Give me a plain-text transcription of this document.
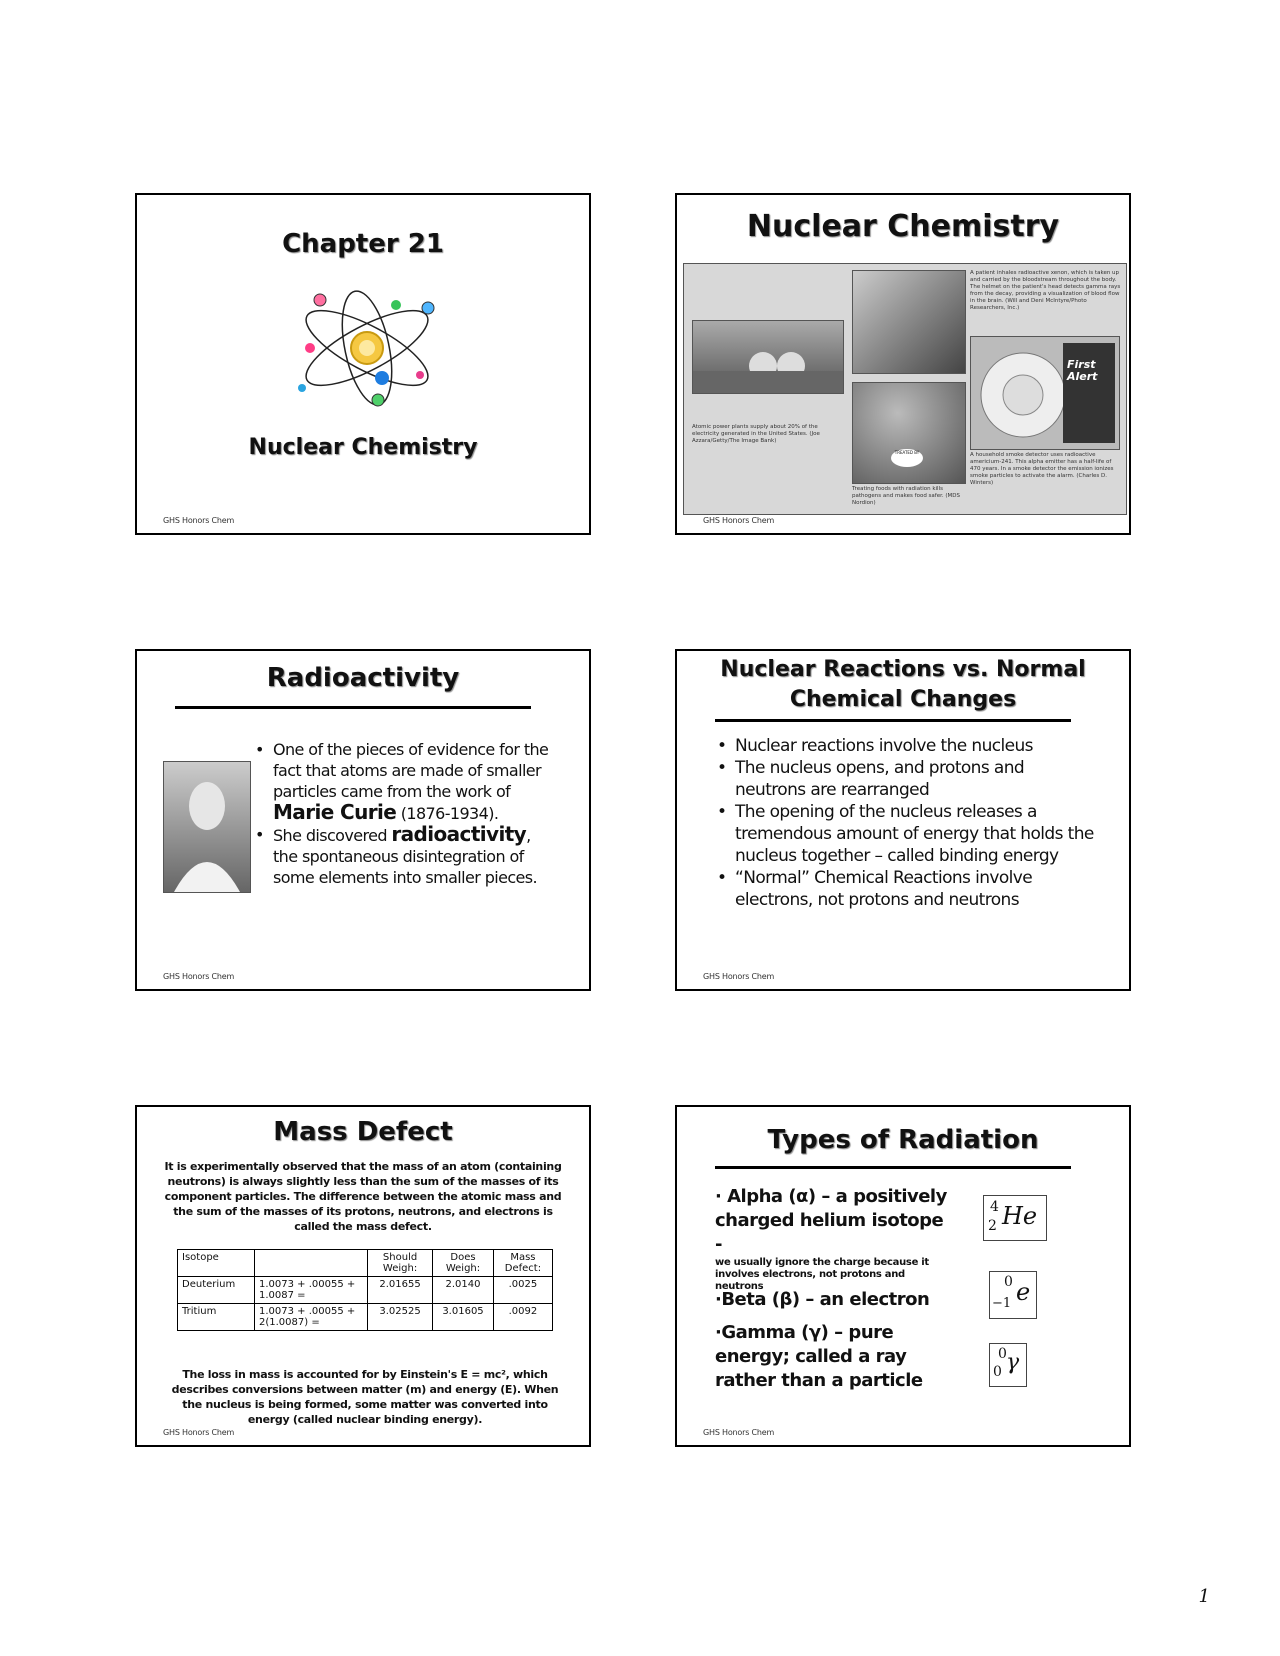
Chapter 21
Nuclear Chemistry
GHS Honors Chem
Nuclear Chemistry
Atomic power plants supply about 20% of the electricity generated in the United States. (Joe Azzara/Getty/The Image Bank)
A patient inhales radioactive xenon, which is taken up and carried by the bloodstream throughout the body. The helmet on the patient's head detects gamma rays from the decay, providing a visualization of blood flow in the brain. (Will and Deni McIntyre/Photo Researchers, Inc.)
TREATED BY
Treating foods with radiation kills pathogens and makes food safer. (MDS Nordion)
First Alert
A household smoke detector uses radioactive americium-241. This alpha emitter has a half-life of 470 years. In a smoke detector the emission ionizes smoke particles to activate the alarm. (Charles D. Winters)
GHS Honors Chem
Radioactivity
• One of the pieces of evidence for the fact that atoms are made of smaller particles came from the work of Marie Curie (1876-1934).
• She discovered radioactivity, the spontaneous disintegration of some elements into smaller pieces.
GHS Honors Chem
Nuclear Reactions vs. Normal Chemical Changes
• Nuclear reactions involve the nucleus
• The nucleus opens, and protons and neutrons are rearranged
• The opening of the nucleus releases a tremendous amount of energy that holds the nucleus together – called binding energy
• “Normal” Chemical Reactions involve electrons, not protons and neutrons
GHS Honors Chem
Mass Defect
It is experimentally observed that the mass of an atom (containing neutrons) is always slightly less than the sum of the masses of its component particles. The difference between the atomic mass and the sum of the masses of its protons, neutrons, and electrons is called the mass defect.
Isotope		Should Weigh:	Does Weigh:	Mass Defect:
Deuterium	1.0073 + .00055 + 1.0087 =	2.01655	2.0140	.0025
Tritium	1.0073 + .00055 + 2(1.0087) =	3.02525	3.01605	.0092
The loss in mass is accounted for by Einstein's E = mc², which describes conversions between matter (m) and energy (E). When the nucleus is being formed, some matter was converted into energy (called nuclear binding energy).
GHS Honors Chem
Types of Radiation
· Alpha (α) – a positively charged helium isotope -
we usually ignore the charge because it involves electrons, not protons and neutrons
4
2 He
·Beta (β) – an electron
0
−1 e
·Gamma (γ) – pure energy; called a ray rather than a particle
0
0 γ
GHS Honors Chem
1
